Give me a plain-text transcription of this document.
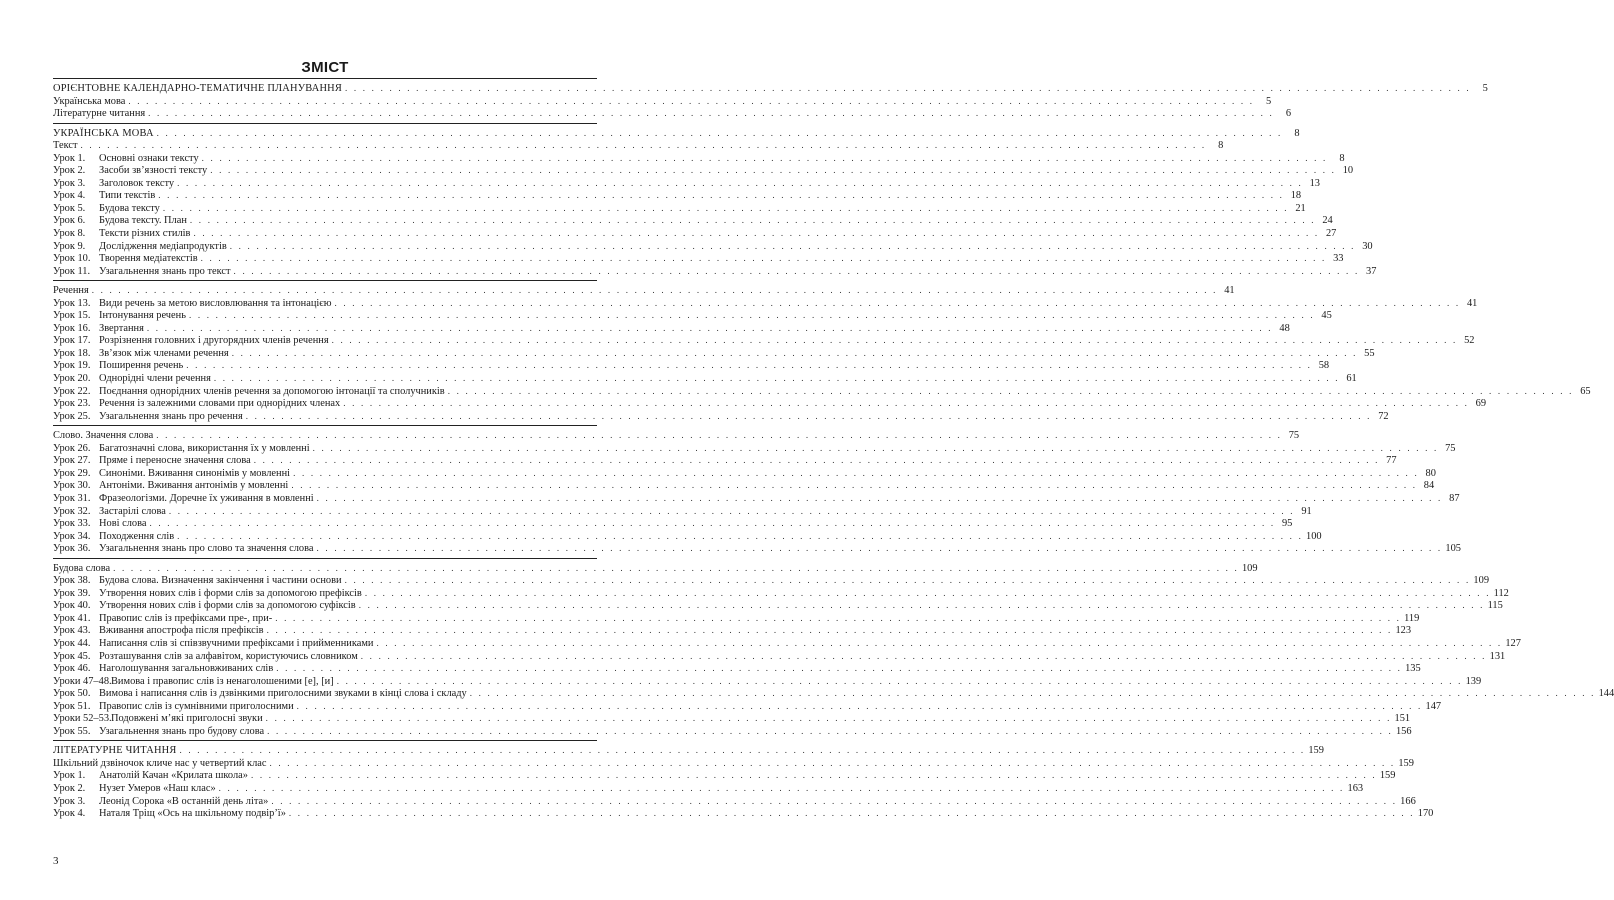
ЗМІСТ
ОРІЄНТОВНЕ КАЛЕНДАРНО-ТЕМАТИЧНЕ ПЛАНУВАННЯ . . .	5
Українська мова . . .	5
Літературне читання . . .	6
УКРАЇНСЬКА МОВА . . .	8
Текст . . .	8
Урок 1.	Основні ознаки тексту . . .	8
Урок 2.	Засоби зв’язності тексту . . .	10
Урок 3.	Заголовок тексту . . .	13
Урок 4.	Типи текстів . . .	18
Урок 5.	Будова тексту . . .	21
Урок 6.	Будова тексту. План . . .	24
Урок 8.	Тексти різних стилів . . .	27
Урок 9.	Дослідження медіапродуктів . . .	30
Урок 10. Творення медіатекстів . . .	33
Урок 11. Узагальнення знань про текст . . .	37
Речення . . .	41
Урок 13. Види речень за метою висловлювання та інтонацією . . .	41
Урок 15. Інтонування речень . . .	45
Урок 16. Звертання . . .	48
Урок 17. Розрізнення головних і другорядних членів речення . . .	52
Урок 18. Зв’язок між членами речення . . .	55
Урок 19. Поширення речень . . .	58
Урок 20. Однорідні члени речення . . .	61
Урок 22. Поєднання однорідних членів речення за допомогою інтонації та сполучників . . .	65
Урок 23. Речення із залежними словами при однорідних членах . . .	69
Урок 25. Узагальнення знань про речення . . .	72
Слово. Значення слова . . .	75
Урок 26. Багатозначні слова, використання їх у мовленні . . .	75
Урок 27. Пряме і переносне значення слова . . .	77
Урок 29. Синоніми. Вживання синонімів у мовленні . . .	80
Урок 30. Антоніми. Вживання антонімів у мовленні . . .	84
Урок 31. Фразеологізми. Доречне їх уживання в мовленні . . .	87
Урок 32. Застарілі слова . . .	91
Урок 33. Нові слова . . .	95
Урок 34. Походження слів . . .	100
Урок 36. Узагальнення знань про слово та значення слова . . .	105
Будова слова . . .	109
Урок 38. Будова слова. Визначення закінчення і частини основи . . .	109
Урок 39. Утворення нових слів і форми слів за допомогою префіксів . . .	112
Урок 40. Утворення нових слів і форми слів за допомогою суфіксів . . .	115
Урок 41. Правопис слів із префіксами пре-, при- . . .	119
Урок 43. Вживання апострофа після префіксів . . .	123
Урок 44. Написання слів зі співзвучними префіксами і прийменниками . . .	127
Урок 45. Розташування слів за алфавітом, користуючись словником . . .	131
Урок 46. Наголошування загальновживаних слів . . .	135
Уроки 47–48. Вимова і правопис слів із ненаголошеними [е], [и] . . .	139
Урок 50. Вимова і написання слів із дзвінкими приголосними звуками в кінці слова і складу . . .	144
Урок 51. Правопис слів із сумнівними приголосними . . .	147
Уроки 52–53. Подовжені м’які приголосні звуки . . .	151
Урок 55. Узагальнення знань про будову слова . . .	156
ЛІТЕРАТУРНЕ ЧИТАННЯ . . .	159
Шкільний дзвіночок кличе нас у четвертий клас . . .	159
Урок 1.	Анатолій Качан «Крилата школа» . . .	159
Урок 2.	Нузет Умеров «Наш клас» . . .	163
Урок 3.	Леонід Сорока «В останній день літа» . . .	166
Урок 4.	Наталя Тріщ «Ось на шкільному подвір’ї» . . .	170
3
